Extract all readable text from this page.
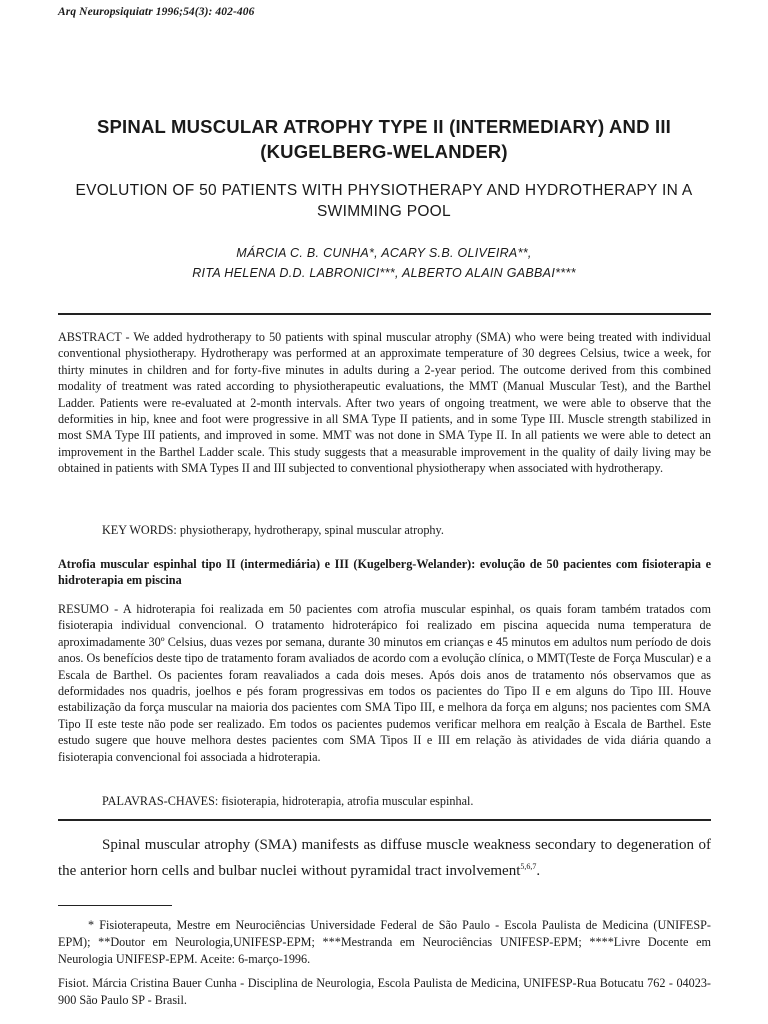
Arq Neuropsiquiatr 1996;54(3): 402-406
SPINAL MUSCULAR ATROPHY TYPE II (INTERMEDIARY) AND III (KUGELBERG-WELANDER)
EVOLUTION OF 50 PATIENTS WITH PHYSIOTHERAPY AND HYDROTHERAPY IN A SWIMMING POOL
MÁRCIA C. B. CUNHA*, ACARY S.B. OLIVEIRA**,
RITA HELENA D.D. LABRONICI***, ALBERTO ALAIN GABBAI****

ABSTRACT - We added hydrotherapy to 50 patients with spinal muscular atrophy (SMA) who were being treated with individual conventional physiotherapy. Hydrotherapy was performed at an approximate temperature of 30 degrees Celsius, twice a week, for thirty minutes in children and for forty-five minutes in adults during a 2-year period. The outcome derived from this combined modality of treatment was rated according to physiotherapeutic evaluations, the MMT (Manual Muscular Test), and the Barthel Ladder. Patients were re-evaluated at 2-month intervals. After two years of ongoing treatment, we were able to observe that the deformities in hip, knee and foot were progressive in all SMA Type II patients, and in some Type III. Muscle strength stabilized in most SMA Type III patients, and improved in some. MMT was not done in SMA Type II. In all patients we were able to detect an improvement in the Barthel Ladder scale. This study suggests that a measurable improvement in the quality of daily living may be obtained in patients with SMA Types II and III subjected to conventional physiotherapy when associated with hydrotherapy.

KEY WORDS: physiotherapy, hydrotherapy, spinal muscular atrophy.

Atrofia muscular espinhal tipo II (intermediária) e III (Kugelberg-Welander): evolução de 50 pacientes com fisioterapia e hidroterapia em piscina

RESUMO - A hidroterapia foi realizada em 50 pacientes com atrofia muscular espinhal, os quais foram também tratados com fisioterapia individual convencional. O tratamento hidroterápico foi realizado em piscina aquecida numa temperatura de aproximadamente 30º Celsius, duas vezes por semana, durante 30 minutos em crianças e 45 minutos em adultos num período de dois anos. Os benefícios deste tipo de tratamento foram avaliados de acordo com a evolução clínica, o MMT(Teste de Força Muscular) e a Escala de Barthel. Os pacientes foram reavaliados a cada dois meses. Após dois anos de tratamento nós observamos que as deformidades nos quadris, joelhos e pés foram progressivas em todos os pacientes do Tipo II e em alguns do Tipo III. Houve estabilização da força muscular na maioria dos pacientes com SMA Tipo III, e melhora da força em alguns; nos pacientes com SMA Tipo II este teste não pode ser realizado. Em todos os pacientes pudemos verificar melhora em realção à Escala de Barthel. Este estudo sugere que houve melhora destes pacientes com SMA Tipos II e III em relação às atividades de vida diária quando a fisioterapia convencional foi associada a hidroterapia.

PALAVRAS-CHAVES: fisioterapia, hidroterapia, atrofia muscular espinhal.

Spinal muscular atrophy (SMA) manifests as diffuse muscle weakness secondary to degeneration of the anterior horn cells and bulbar nuclei without pyramidal tract involvement$^{5,6,7}$.

* Fisioterapeuta, Mestre em Neurociências Universidade Federal de São Paulo - Escola Paulista de Medicina (UNIFESP-EPM); **Doutor em Neurologia,UNIFESP-EPM; ***Mestranda em Neurociências UNIFESP-EPM; ****Livre Docente em Neurologia UNIFESP-EPM. Aceite: 6-março-1996.

Fisiot. Márcia Cristina Bauer Cunha - Disciplina de Neurologia, Escola Paulista de Medicina, UNIFESP-Rua Botucatu 762 - 04023-900 São Paulo SP - Brasil.
